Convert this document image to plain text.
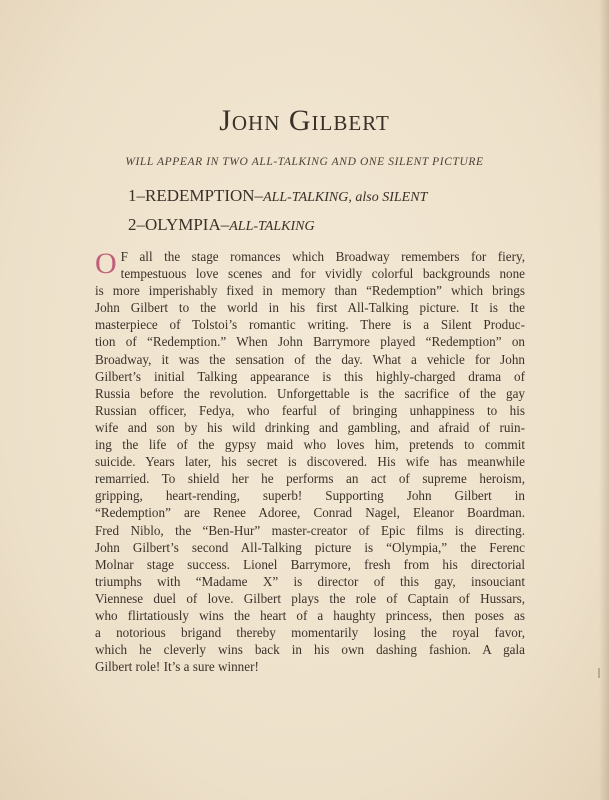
John Gilbert
WILL APPEAR IN TWO ALL-TALKING AND ONE SILENT PICTURE
1–REDEMPTION–ALL-TALKING, also SILENT
2–OLYMPIA–ALL-TALKING
O F all the stage romances which Broadway remembers for fiery,
tempestuous love scenes and for vividly colorful backgrounds none
is more imperishably fixed in memory than “Redemption” which brings
John Gilbert to the world in his first All-Talking picture. It is the
masterpiece of Tolstoi’s romantic writing. There is a Silent Produc-
tion of “Redemption.” When John Barrymore played “Redemption” on
Broadway, it was the sensation of the day. What a vehicle for John
Gilbert’s initial Talking appearance is this highly-charged drama of
Russia before the revolution. Unforgettable is the sacrifice of the gay
Russian officer, Fedya, who fearful of bringing unhappiness to his
wife and son by his wild drinking and gambling, and afraid of ruin-
ing the life of the gypsy maid who loves him, pretends to commit
suicide. Years later, his secret is discovered. His wife has meanwhile
remarried. To shield her he performs an act of supreme heroism,
gripping, heart-rending, superb! Supporting John Gilbert in
“Redemption” are Renee Adoree, Conrad Nagel, Eleanor Boardman.
Fred Niblo, the “Ben-Hur” master-creator of Epic films is directing.
John Gilbert’s second All-Talking picture is “Olympia,” the Ferenc
Molnar stage success. Lionel Barrymore, fresh from his directorial
triumphs with “Madame X” is director of this gay, insouciant
Viennese duel of love. Gilbert plays the role of Captain of Hussars,
who flirtatiously wins the heart of a haughty princess, then poses as
a notorious brigand thereby momentarily losing the royal favor,
which he cleverly wins back in his own dashing fashion. A gala
Gilbert role! It’s a sure winner!
